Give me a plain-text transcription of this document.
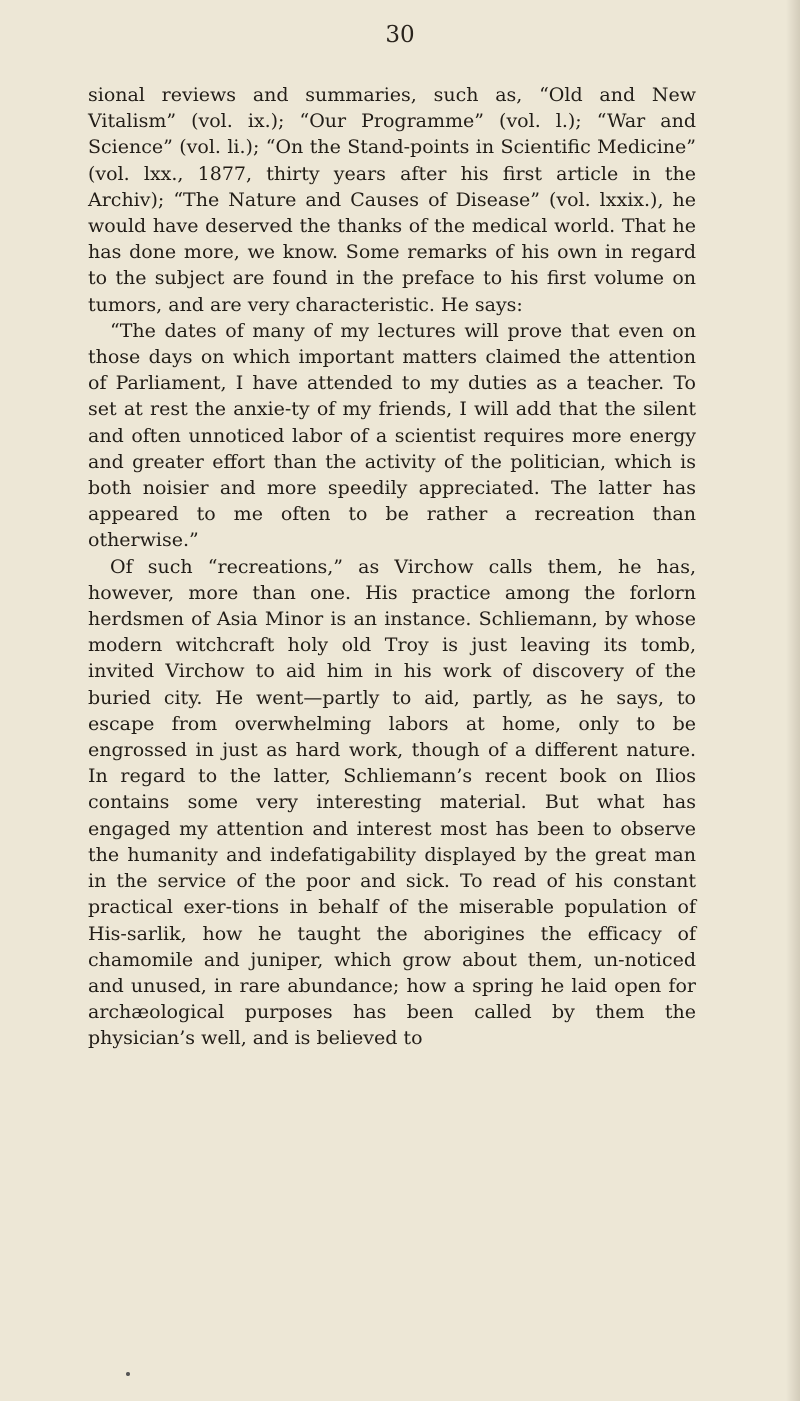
30

sional reviews and summaries, such as, “Old and New Vitalism” (vol. ix.); “Our Programme” (vol. l.); “War and Science” (vol. li.); “On the Stand-points in Scientific Medicine” (vol. lxx., 1877, thirty years after his first article in the Archiv); “The Nature and Causes of Disease” (vol. lxxix.), he would have deserved the thanks of the medical world. That he has done more, we know. Some remarks of his own in regard to the subject are found in the preface to his first volume on tumors, and are very characteristic. He says:

“The dates of many of my lectures will prove that even on those days on which important matters claimed the attention of Parliament, I have attended to my duties as a teacher. To set at rest the anxie-ty of my friends, I will add that the silent and often unnoticed labor of a scientist requires more energy and greater effort than the activity of the politician, which is both noisier and more speedily appreciated. The latter has appeared to me often to be rather a recreation than otherwise.”

Of such “recreations,” as Virchow calls them, he has, however, more than one. His practice among the forlorn herdsmen of Asia Minor is an instance. Schliemann, by whose modern witchcraft holy old Troy is just leaving its tomb, invited Virchow to aid him in his work of discovery of the buried city. He went—partly to aid, partly, as he says, to escape from overwhelming labors at home, only to be engrossed in just as hard work, though of a different nature. In regard to the latter, Schliemann’s recent book on Ilios contains some very interesting material. But what has engaged my attention and interest most has been to observe the humanity and indefatigability displayed by the great man in the service of the poor and sick. To read of his constant practical exer-tions in behalf of the miserable population of His-sarlik, how he taught the aborigines the efficacy of chamomile and juniper, which grow about them, un-noticed and unused, in rare abundance; how a spring he laid open for archæological purposes has been called by them the physician’s well, and is believed to
